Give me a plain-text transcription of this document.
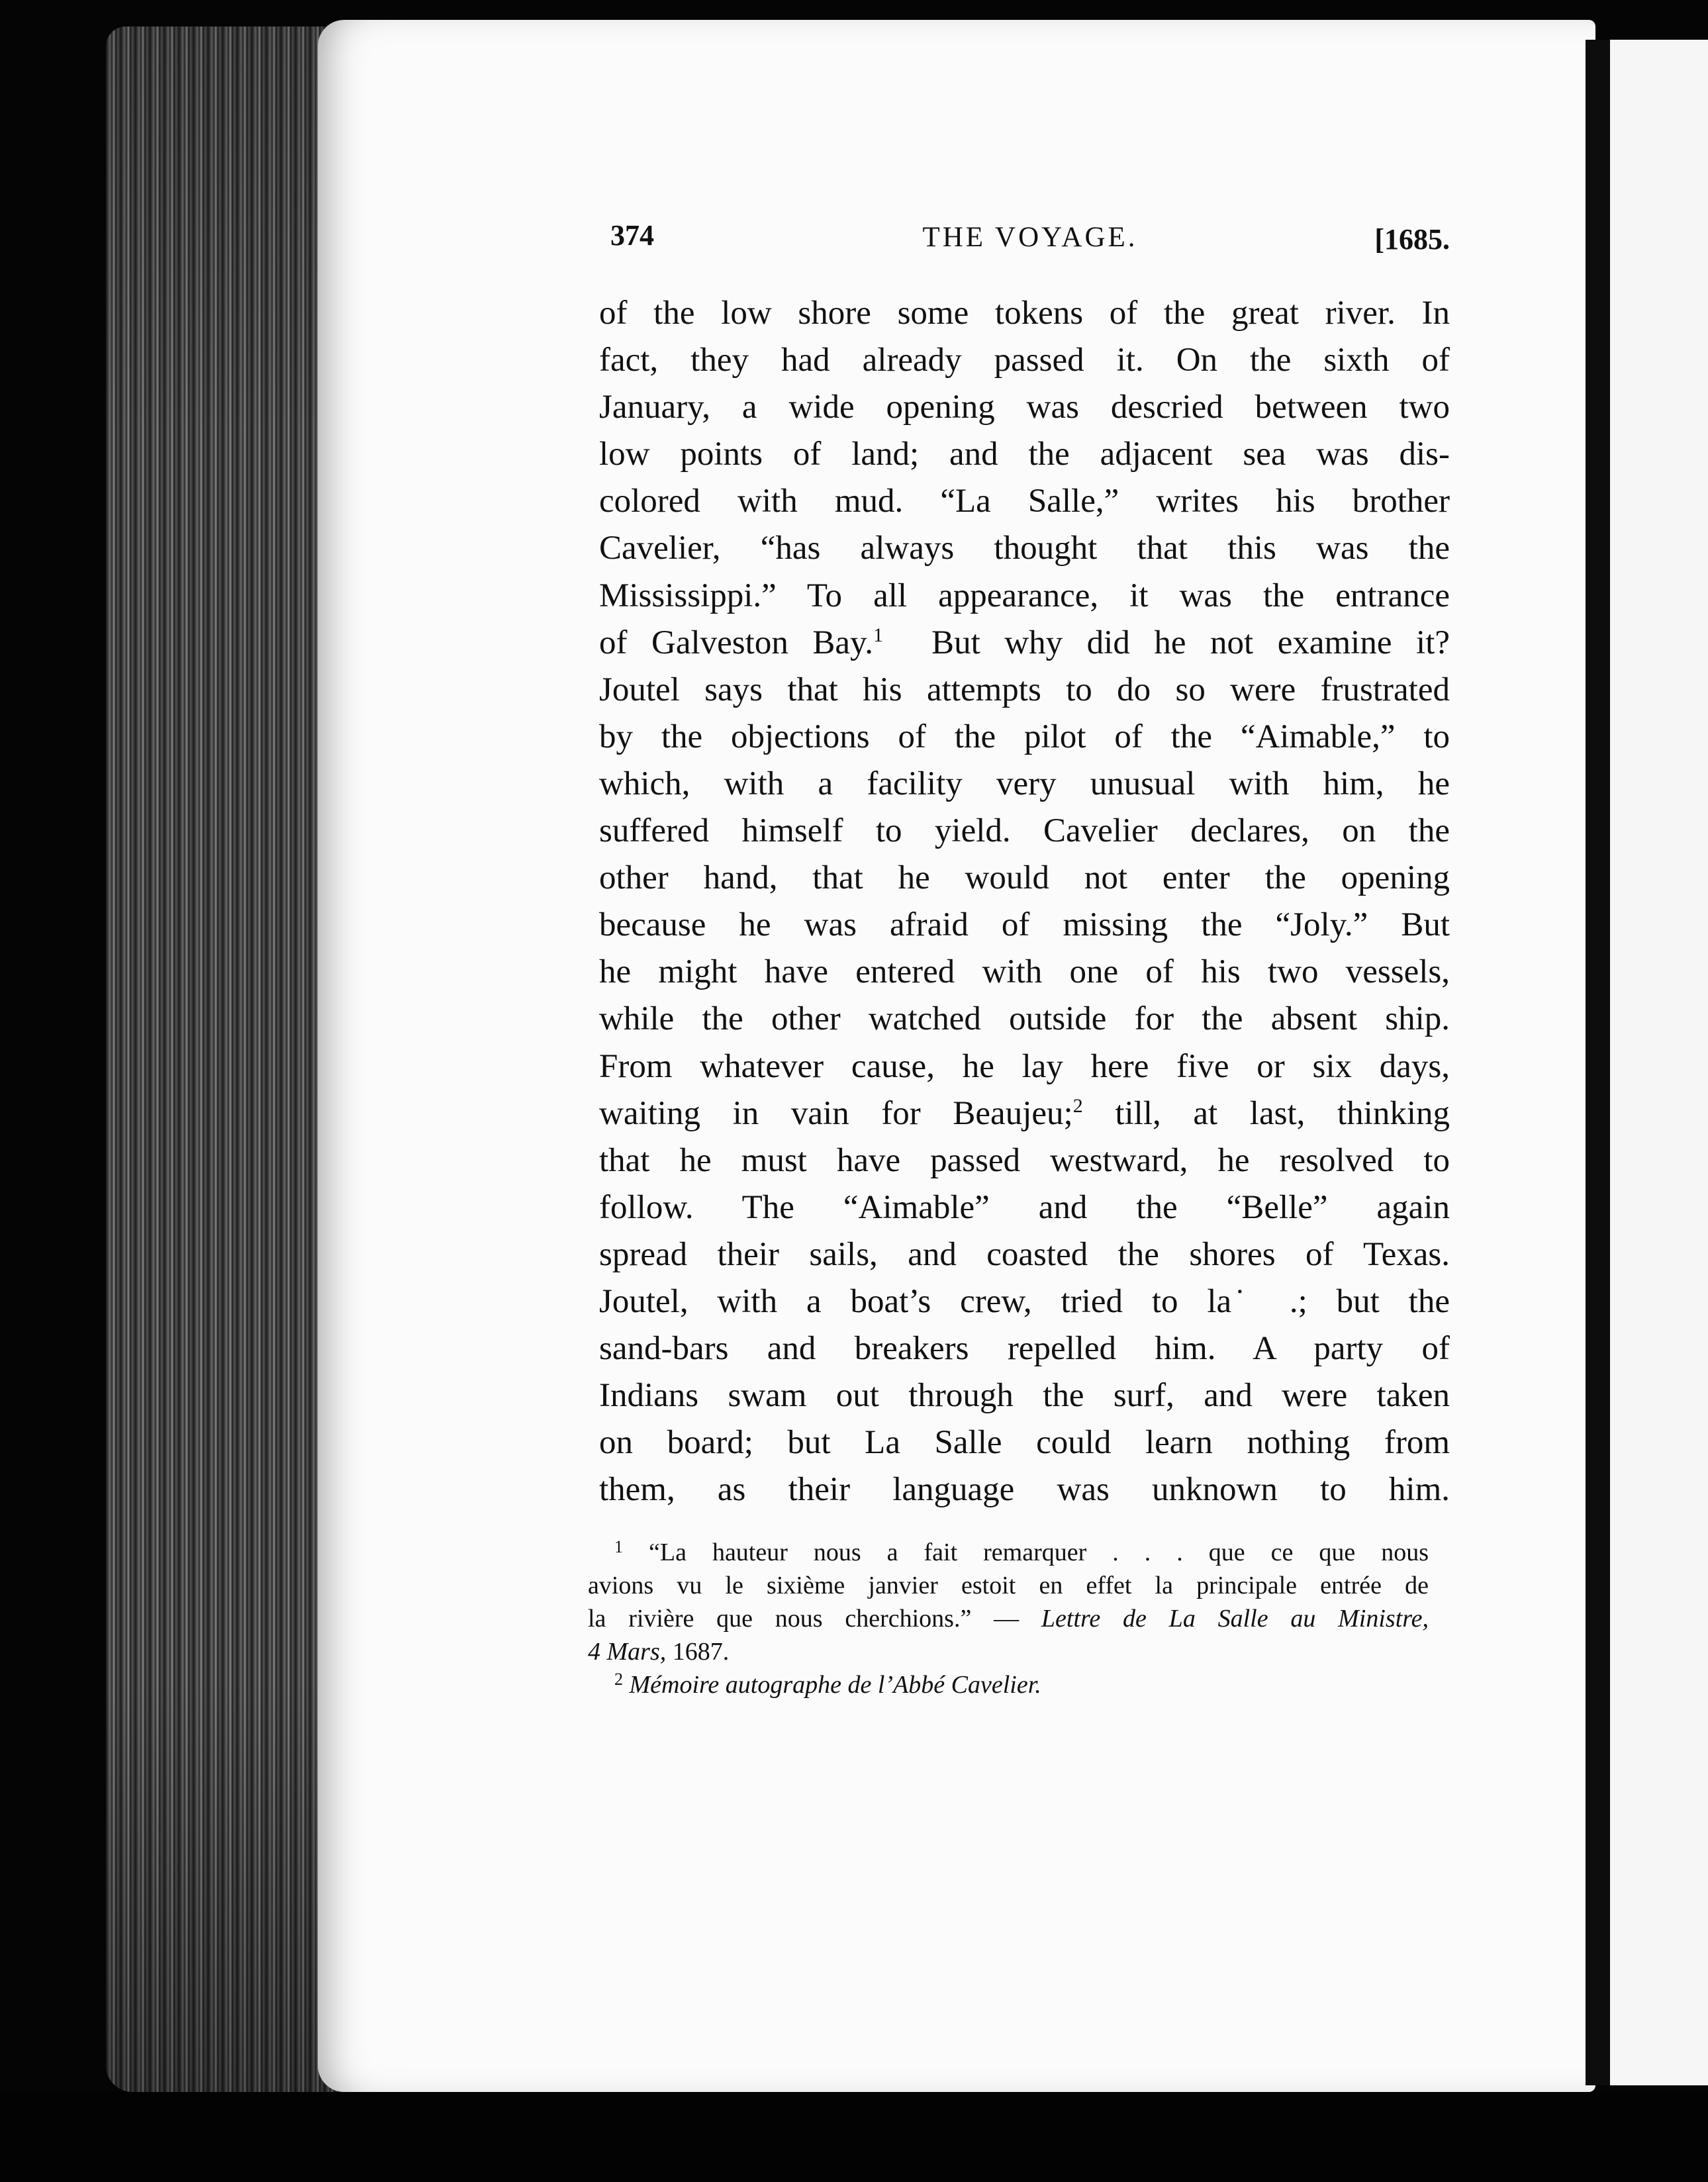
374	THE VOYAGE.	[1685.
of the low shore some tokens of the great river. In
fact, they had already passed it. On the sixth of
January, a wide opening was descried between two
low points of land; and the adjacent sea was dis-
colored with mud. “La Salle,” writes his brother
Cavelier, “has always thought that this was the
Mississippi.” To all appearance, it was the entrance
of Galveston Bay.$^1$ But why did he not examine it?
Joutel says that his attempts to do so were frustrated
by the objections of the pilot of the “Aimable,” to
which, with a facility very unusual with him, he
suffered himself to yield. Cavelier declares, on the
other hand, that he would not enter the opening
because he was afraid of missing the “Joly.” But
he might have entered with one of his two vessels,
while the other watched outside for the absent ship.
From whatever cause, he lay here five or six days,
waiting in vain for Beaujeu;$^2$ till, at last, thinking
that he must have passed westward, he resolved to
follow. The “Aimable” and the “Belle” again
spread their sails, and coasted the shores of Texas.
Joutel, with a boat’s crew, tried to la ̇ .; but the
sand-bars and breakers repelled him. A party of
Indians swam out through the surf, and were taken
on board; but La Salle could learn nothing from
them, as their language was unknown to him.
$^1$ “La hauteur nous a fait remarquer . . . que ce que nous
avions vu le sixième janvier estoit en effet la principale entrée de
la rivière que nous cherchions.” — Lettre de La Salle au Ministre,
4 Mars, 1687.
$^2$ Mémoire autographe de l’Abbé Cavelier.
